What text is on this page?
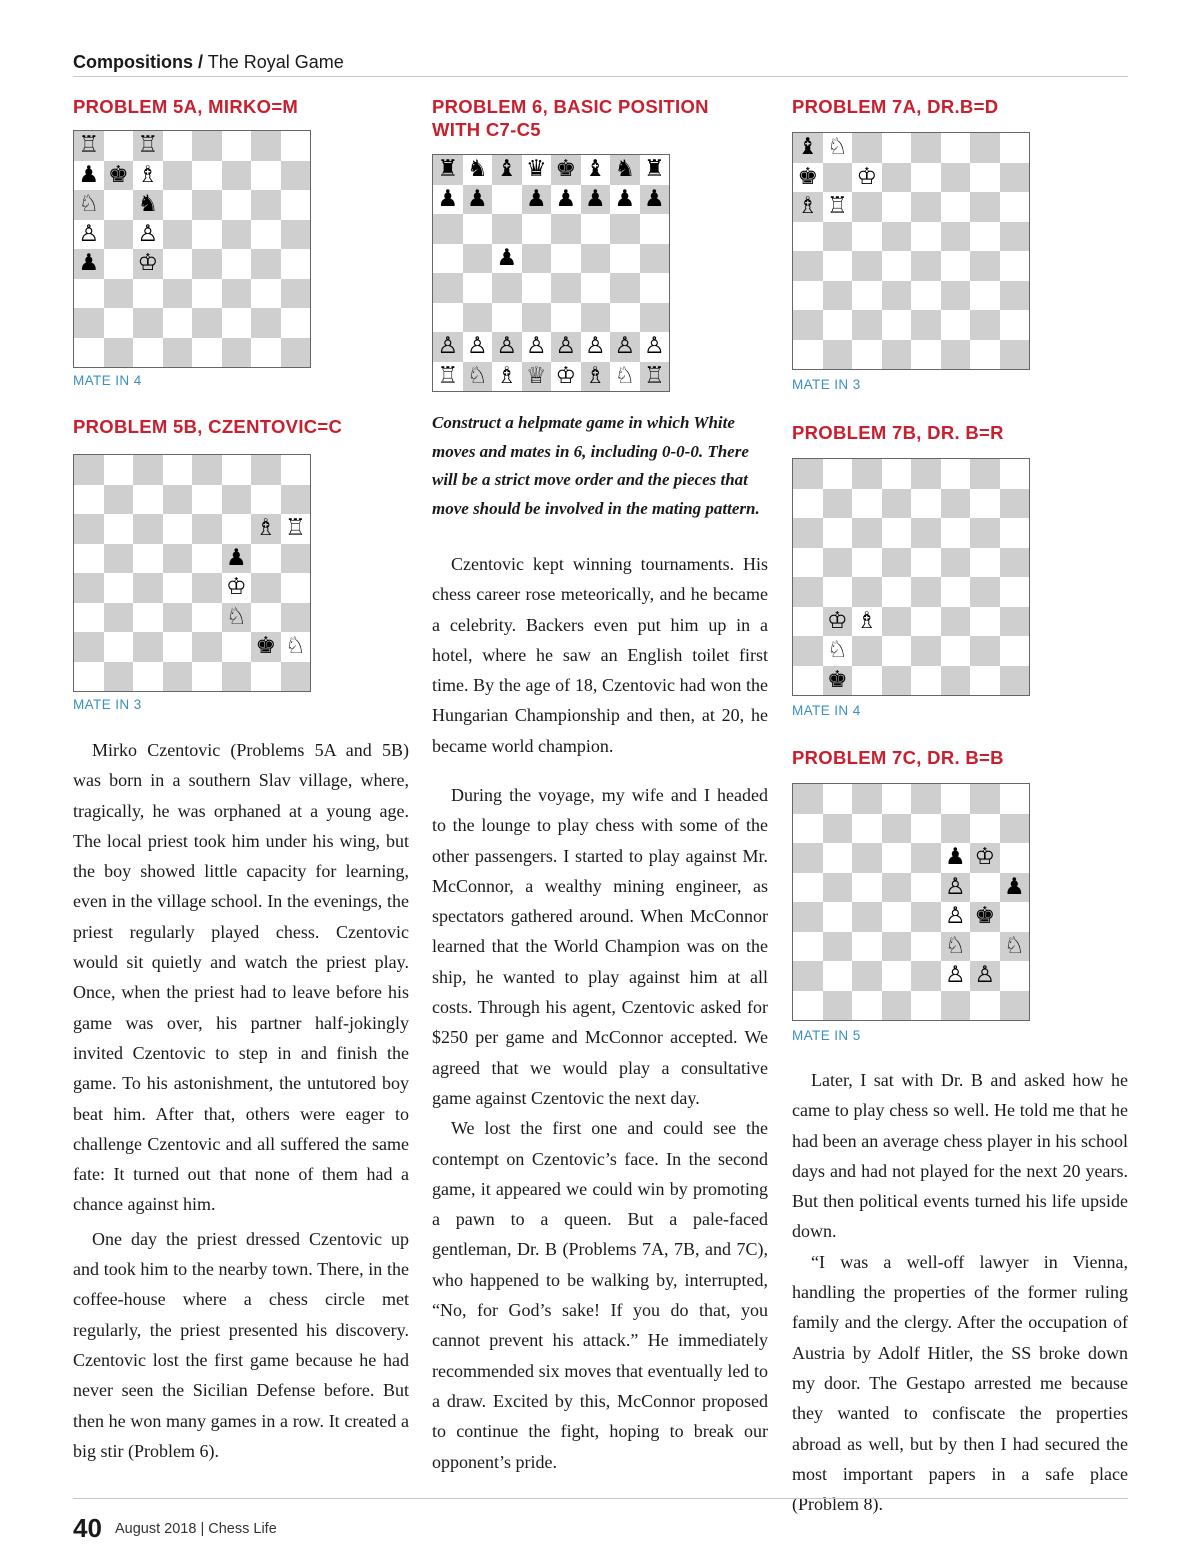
Compositions / The Royal Game
PROBLEM 5A, MIRKO=M
♖ ♖
♟ ♚ ♗
♘ ♞
♙ ♙
♟ ♔
MATE IN 4
PROBLEM 5B, CZENTOVIC=C
♗ ♖
♟
♔
♘
♚ ♘
MATE IN 3
PROBLEM 6, BASIC POSITION
WITH C7-C5
♜ ♞ ♝ ♛ ♚ ♝ ♞ ♜
♟ ♟ ♟ ♟ ♟ ♟ ♟
♟
♙ ♙ ♙ ♙ ♙ ♙ ♙ ♙
♖ ♘ ♗ ♕ ♔ ♗ ♘ ♖
Construct a helpmate game in which White moves and mates in 6, including 0-0-0. There will be a strict move order and the pieces that move should be involved in the mating pattern.
PROBLEM 7A, DR.B=D
♝ ♘
♚ ♔
♗ ♖
MATE IN 3
PROBLEM 7B, DR. B=R
♔ ♗
♘
♚
MATE IN 4
PROBLEM 7C, DR. B=B
♟ ♔
♙ ♟
♙ ♚
♘ ♘
♙ ♙
MATE IN 5

Mirko Czentovic (Problems 5A and 5B) was born in a southern Slav village, where, tragically, he was orphaned at a young age. The local priest took him under his wing, but the boy showed little capacity for learning, even in the village school. In the evenings, the priest regularly played chess. Czentovic would sit quietly and watch the priest play. Once, when the priest had to leave before his game was over, his partner half-jokingly invited Czentovic to step in and finish the game. To his astonishment, the untutored boy beat him. After that, others were eager to challenge Czentovic and all suffered the same fate: It turned out that none of them had a chance against him.

One day the priest dressed Czentovic up and took him to the nearby town. There, in the coffee-house where a chess circle met regularly, the priest presented his discovery. Czentovic lost the first game because he had never seen the Sicilian Defense before. But then he won many games in a row. It created a big stir (Problem 6).

Czentovic kept winning tournaments. His chess career rose meteorically, and he became a celebrity. Backers even put him up in a hotel, where he saw an English toilet first time. By the age of 18, Czentovic had won the Hungarian Championship and then, at 20, he became world champion.

During the voyage, my wife and I headed to the lounge to play chess with some of the other passengers. I started to play against Mr. McConnor, a wealthy mining engineer, as spectators gathered around. When McConnor learned that the World Champion was on the ship, he wanted to play against him at all costs. Through his agent, Czentovic asked for $250 per game and McConnor accepted. We agreed that we would play a consultative game against Czentovic the next day.

We lost the first one and could see the contempt on Czentovic’s face. In the second game, it appeared we could win by promoting a pawn to a queen. But a pale-faced gentleman, Dr. B (Problems 7A, 7B, and 7C), who happened to be walking by, interrupted, “No, for God’s sake! If you do that, you cannot prevent his attack.” He immediately recommended six moves that eventually led to a draw. Excited by this, McConnor proposed to continue the fight, hoping to break our opponent’s pride.

Later, I sat with Dr. B and asked how he came to play chess so well. He told me that he had been an average chess player in his school days and had not played for the next 20 years. But then political events turned his life upside down.

“I was a well-off lawyer in Vienna, handling the properties of the former ruling family and the clergy. After the occupation of Austria by Adolf Hitler, the SS broke down my door. The Gestapo arrested me because they wanted to confiscate the properties abroad as well, but by then I had secured the most important papers in a safe place (Problem 8).

40 August 2018 | Chess Life
